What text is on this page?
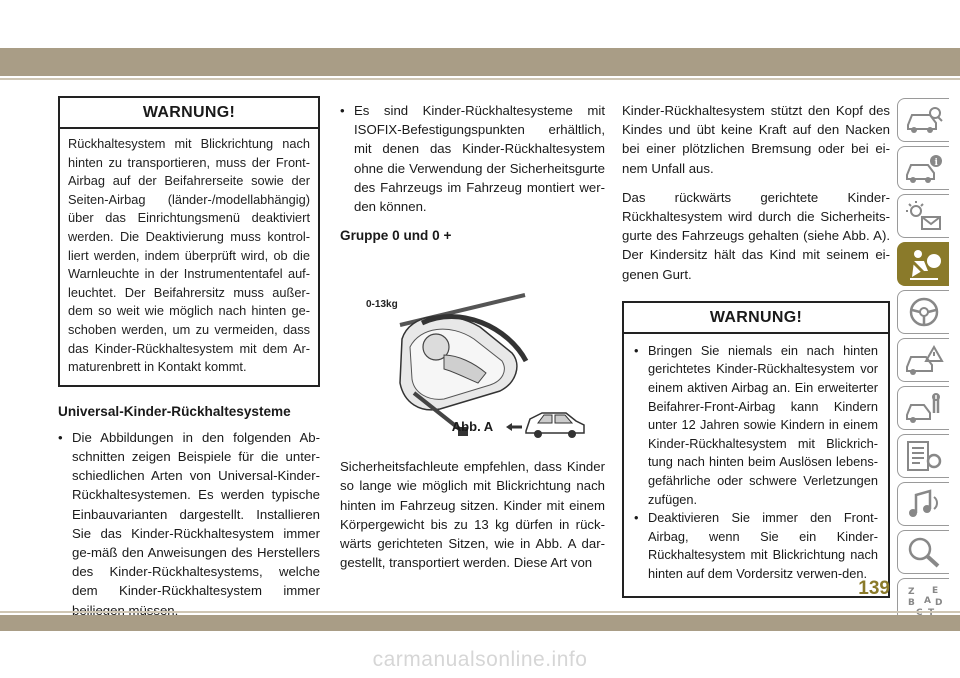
WARNUNG!
Rückhaltesystem mit Blickrichtung nach hinten zu transportieren, muss der Front-Airbag auf der Beifahrerseite sowie der Seiten-Airbag (länder-/modellabhängig) über das Einrichtungsmenü deaktiviert werden. Die Deaktivierung muss kontrol-liert werden, indem überprüft wird, ob die Warnleuchte in der Instrumententafel auf-leuchtet. Der Beifahrersitz muss außer-dem so weit wie möglich nach hinten ge-schoben werden, um zu vermeiden, dass das Kinder-Rückhaltesystem mit dem Ar-maturenbrett in Kontakt kommt.
Universal-Kinder-Rückhaltesysteme
• Die Abbildungen in den folgenden Ab-schnitten zeigen Beispiele für die unter-schiedlichen Arten von Universal-Kinder-Rückhaltesystemen. Es werden typische Einbauvarianten dargestellt. Installieren Sie das Kinder-Rückhaltesystem immer ge-mäß den Anweisungen des Herstellers des Kinder-Rückhaltesystems, welche dem Kinder-Rückhaltesystem immer
• Es sind Kinder-Rückhaltesysteme mit ISOFIX-Befestigungspunkten erhältlich, mit denen das Kinder-Rückhaltesystem ohne die Verwendung der Sicherheitsgurte des Fahrzeugs im Fahrzeug montiert wer-den können.
Gruppe 0 und 0 +
0-13kg
Abb. A

Sicherheitsfachleute empfehlen, dass Kinder so lange wie möglich mit Blickrichtung nach hinten im Fahrzeug sitzen. Kinder mit einem Körpergewicht bis zu 13 kg dürfen in rück-wärts gerichteten Sitzen, wie in Abb. A dar-gestellt, transportiert werden. Diese Art von

Kinder-Rückhaltesystem stützt den Kopf des Kindes und übt keine Kraft auf den Nacken bei einer plötzlichen Bremsung oder bei ei-nem Unfall aus.

Das rückwärts gerichtete Kinder-Rückhaltesystem wird durch die Sicherheits-gurte des Fahrzeugs gehalten (siehe Abb. A). Der Kindersitz hält das Kind mit seinem ei-genen Gurt.

WARNUNG!
• Bringen Sie niemals ein nach hinten gerichtetes Kinder-Rückhaltesystem vor einem aktiven Airbag an. Ein erweiterter Beifahrer-Front-Airbag kann Kindern unter 12 Jahren sowie Kindern in einem Kinder-Rückhaltesystem mit Blickrich-tung nach hinten beim Auslösen lebens-gefährliche oder schwere Verletzungen zufügen.
• Deaktivieren Sie immer den Front-Airbag, wenn Sie ein Kinder-Rückhaltesystem mit Blickrichtung nach hinten auf dem Vordersitz verwen-den.
i
Z E
B A D
139
carmanualsonline.info
